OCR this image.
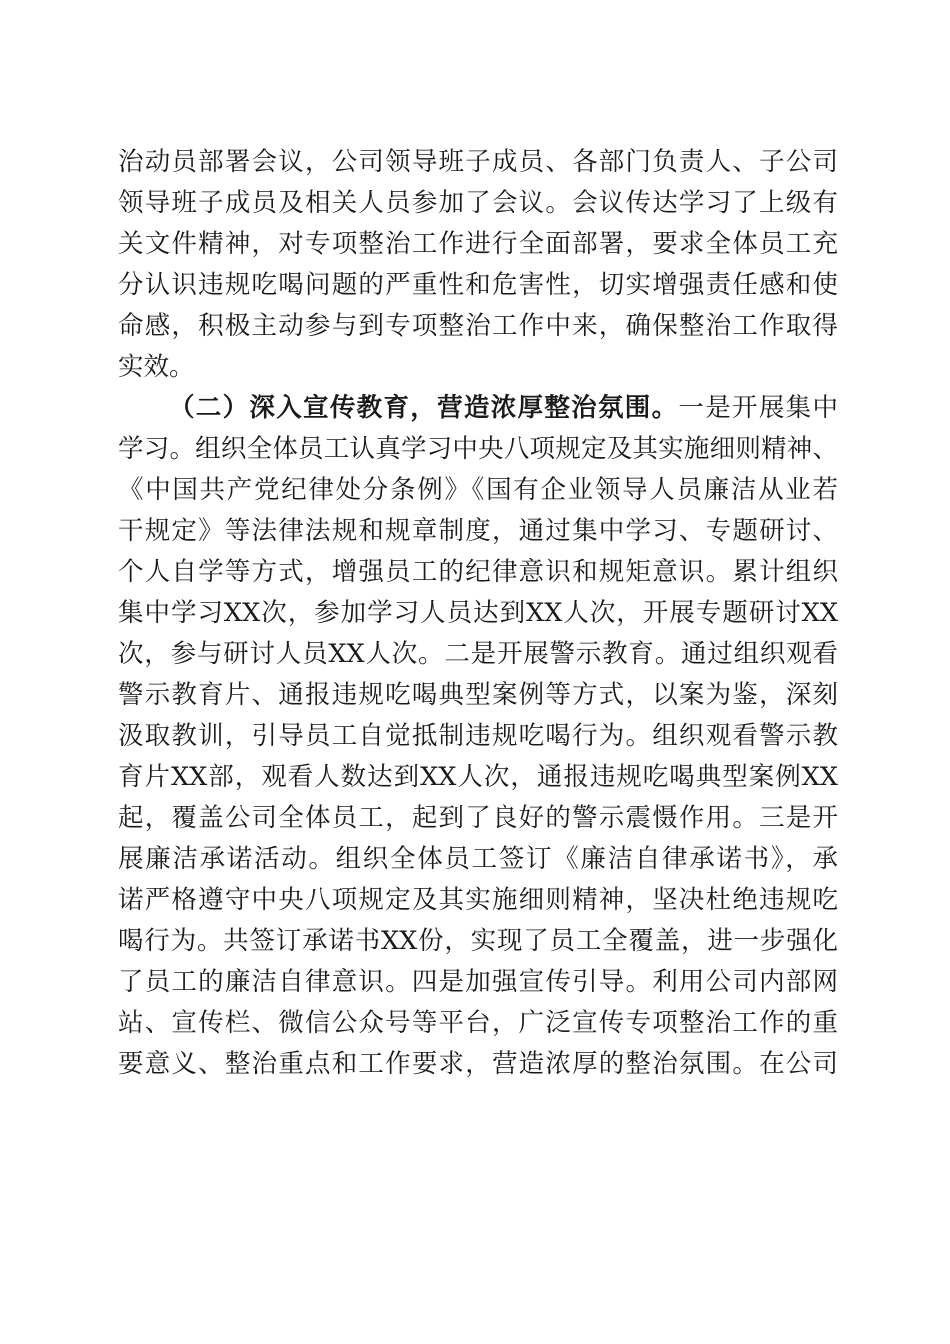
治动员部署会议，公司领导班子成员、各部门负责人、子公司
领导班子成员及相关人员参加了会议。会议传达学习了上级有
关文件精神，对专项整治工作进行全面部署，要求全体员工充
分认识违规吃喝问题的严重性和危害性，切实增强责任感和使
命感，积极主动参与到专项整治工作中来，确保整治工作取得
实效。
（二）深入宣传教育，营造浓厚整治氛围。一是开展集中
学习。组织全体员工认真学习中央八项规定及其实施细则精神、
《中国共产党纪律处分条例》《国有企业领导人员廉洁从业若
干规定》等法律法规和规章制度，通过集中学习、专题研讨、
个人自学等方式，增强员工的纪律意识和规矩意识。累计组织
集中学习XX次，参加学习人员达到XX人次，开展专题研讨XX
次，参与研讨人员XX人次。二是开展警示教育。通过组织观看
警示教育片、通报违规吃喝典型案例等方式，以案为鉴，深刻
汲取教训，引导员工自觉抵制违规吃喝行为。组织观看警示教
育片XX部，观看人数达到XX人次，通报违规吃喝典型案例XX
起，覆盖公司全体员工，起到了良好的警示震慑作用。三是开
展廉洁承诺活动。组织全体员工签订《廉洁自律承诺书》，承
诺严格遵守中央八项规定及其实施细则精神，坚决杜绝违规吃
喝行为。共签订承诺书XX份，实现了员工全覆盖，进一步强化
了员工的廉洁自律意识。四是加强宣传引导。利用公司内部网
站、宣传栏、微信公众号等平台，广泛宣传专项整治工作的重
要意义、整治重点和工作要求，营造浓厚的整治氛围。在公司
